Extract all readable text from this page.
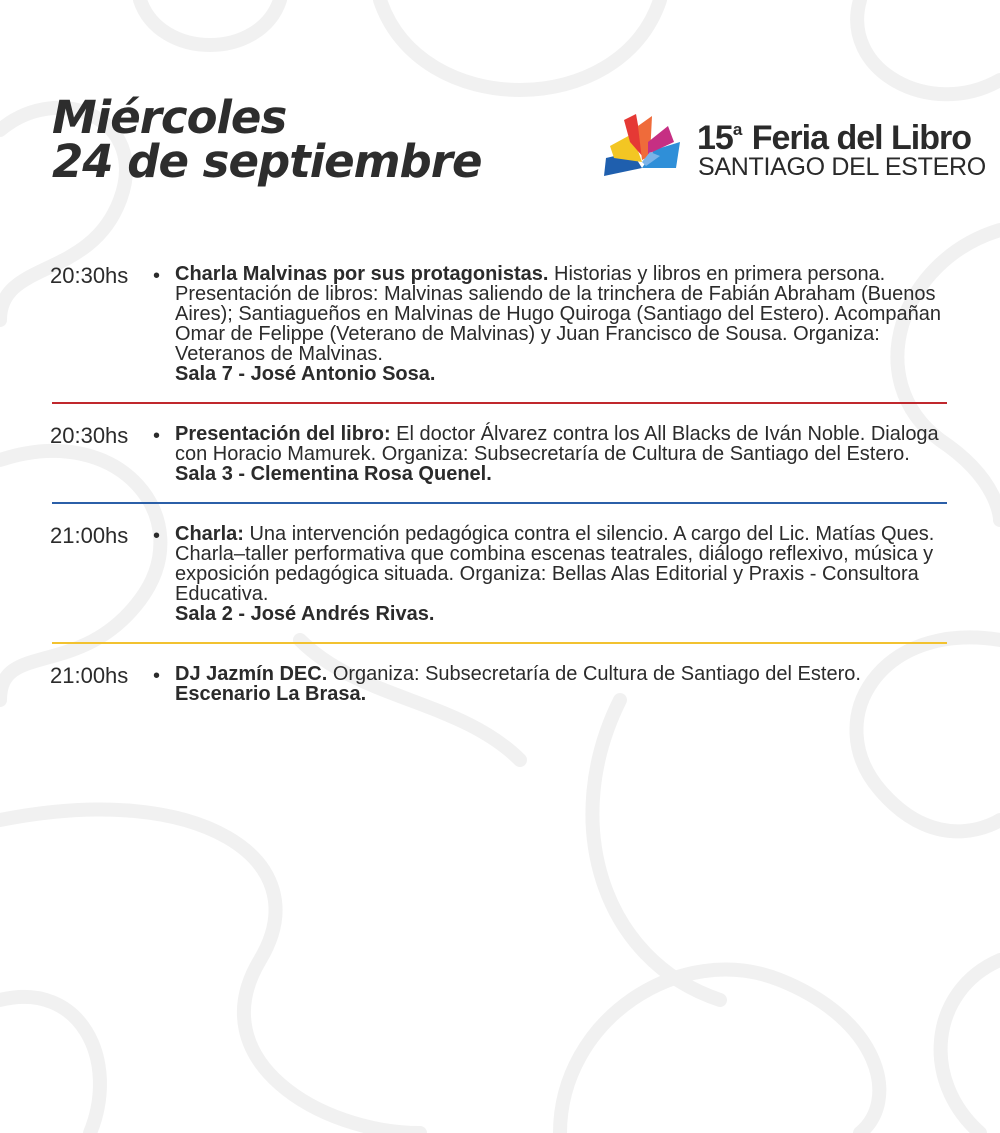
Miércoles
24 de septiembre	15$^a$ Feria del Libro
SANTIAGO DEL ESTERO
20:30hs • Charla Malvinas por sus protagonistas. Historias y libros en primera persona. Presentación de libros: Malvinas saliendo de la trinchera de Fabián Abraham (Buenos Aires); Santiagueños en Malvinas de Hugo Quiroga (Santiago del Estero). Acompañan Omar de Felippe (Veterano de Malvinas) y Juan Francisco de Sousa. Organiza: Veteranos de Malvinas.
Sala 7 - José Antonio Sosa.
20:30hs • Presentación del libro: El doctor Álvarez contra los All Blacks de Iván Noble. Dialoga con Horacio Mamurek. Organiza: Subsecretaría de Cultura de Santiago del Estero.
Sala 3 - Clementina Rosa Quenel.
21:00hs • Charla: Una intervención pedagógica contra el silencio. A cargo del Lic. Matías Ques. Charla–taller performativa que combina escenas teatrales, diálogo reflexivo, música y exposición pedagógica situada. Organiza: Bellas Alas Editorial y Praxis - Consultora Educativa.
Sala 2 - José Andrés Rivas.
21:00hs • DJ Jazmín DEC. Organiza: Subsecretaría de Cultura de Santiago del Estero.
Escenario La Brasa.
